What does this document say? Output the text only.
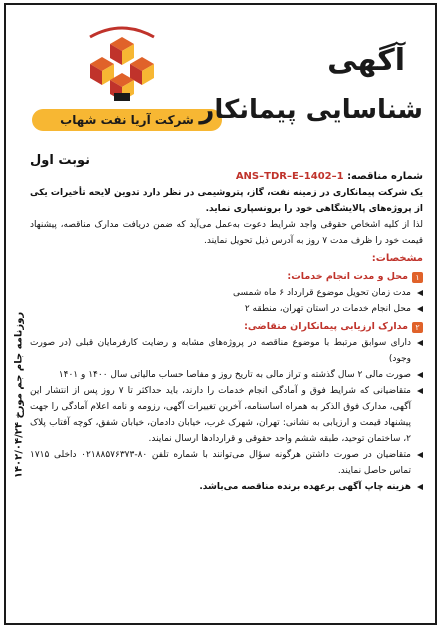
روزنامه جام جم مورخ ۱۴۰۲/۰۴/۲۴
شرکت آریا نفت شهاب
آگهی
شناسایی پیمانکار
نوبت اول
شماره مناقصه: ANS–TDR–E–1402–1
یک شرکت پیمانکاری در زمینه نفت، گاز، پتروشیمی در نظر دارد تدوین لایحه تأخیرات یکی از پروژه‌های پالایشگاهی خود را برونسپاری نماید.
لذا از کلیه اشخاص حقوقی واجد شرایط دعوت به‌عمل می‌آید که ضمن دریافت مدارک مناقصه، پیشنهاد قیمت خود را ظرف مدت ۷ روز به آدرس ذیل تحویل نمایند.
مشخصات:
۱
محل و مدت انجام خدمات:
مدت زمان تحویل موضوع قرارداد ۶ ماه شمسی
محل انجام خدمات در استان تهران، منطقه ۲
۲
مدارک ارزیابی پیمانکاران متقاضی:
دارای سوابق مرتبط با موضوع مناقصه در پروژه‌های مشابه و رضایت کارفرمایان قبلی (در صورت وجود)
صورت مالی ۲ سال گذشته و تراز مالی به تاریخ روز و مفاصا حساب مالیاتی سال ۱۴۰۰ و ۱۴۰۱
متقاضیانی که شرایط فوق و آمادگی انجام خدمات را دارند، باید حداکثر تا ۷ روز پس از انتشار این آگهی، مدارک فوق الذکر به همراه اساسنامه، آخرین تغییرات آگهی، رزومه و نامه اعلام آمادگی را جهت پیشنهاد قیمت و ارزیابی به نشانی: تهران، شهرک غرب، خیابان دادمان، خیابان شفق، کوچه آفتاب پلاک ۲، ساختمان توحید، طبقه ششم واحد حقوقی و قراردادها ارسال نمایند.
متقاضیان در صورت داشتن هرگونه سؤال می‌توانند با شماره تلفن ۸۰-۰۲۱۸۸۵۷۶۳۷۳ داخلی ۱۷۱۵ تماس حاصل نمایند.
هزینه چاپ آگهی برعهده برنده مناقصه می‌باشد.
